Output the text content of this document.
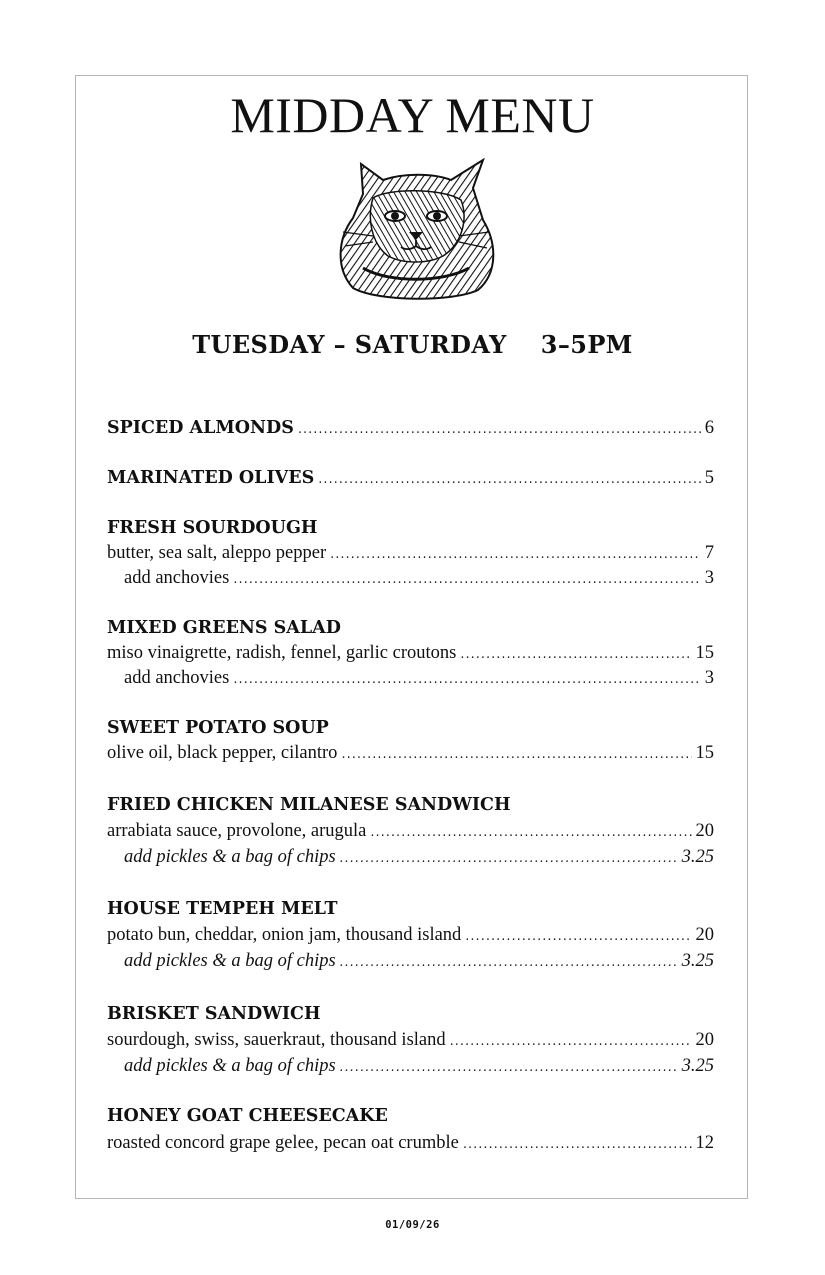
MIDDAY MENU
TUESDAY – SATURDAY 3–5PM
SPICED ALMONDS .....	6
MARINATED OLIVES .....	5
FRESH SOURDOUGH
butter, sea salt, aleppo pepper .....	7
add anchovies .....	3
MIXED GREENS SALAD
miso vinaigrette, radish, fennel, garlic croutons .....	15
add anchovies .....	3
SWEET POTATO SOUP
olive oil, black pepper, cilantro .....	15
FRIED CHICKEN MILANESE SANDWICH
arrabiata sauce, provolone, arugula .....	20
add pickles & a bag of chips .....	3.25
HOUSE TEMPEH MELT
potato bun, cheddar, onion jam, thousand island .....	20
add pickles & a bag of chips .....	3.25
BRISKET SANDWICH
sourdough, swiss, sauerkraut, thousand island .....	20
add pickles & a bag of chips .....	3.25
HONEY GOAT CHEESECAKE
roasted concord grape gelee, pecan oat crumble .....	12
01/09/26
